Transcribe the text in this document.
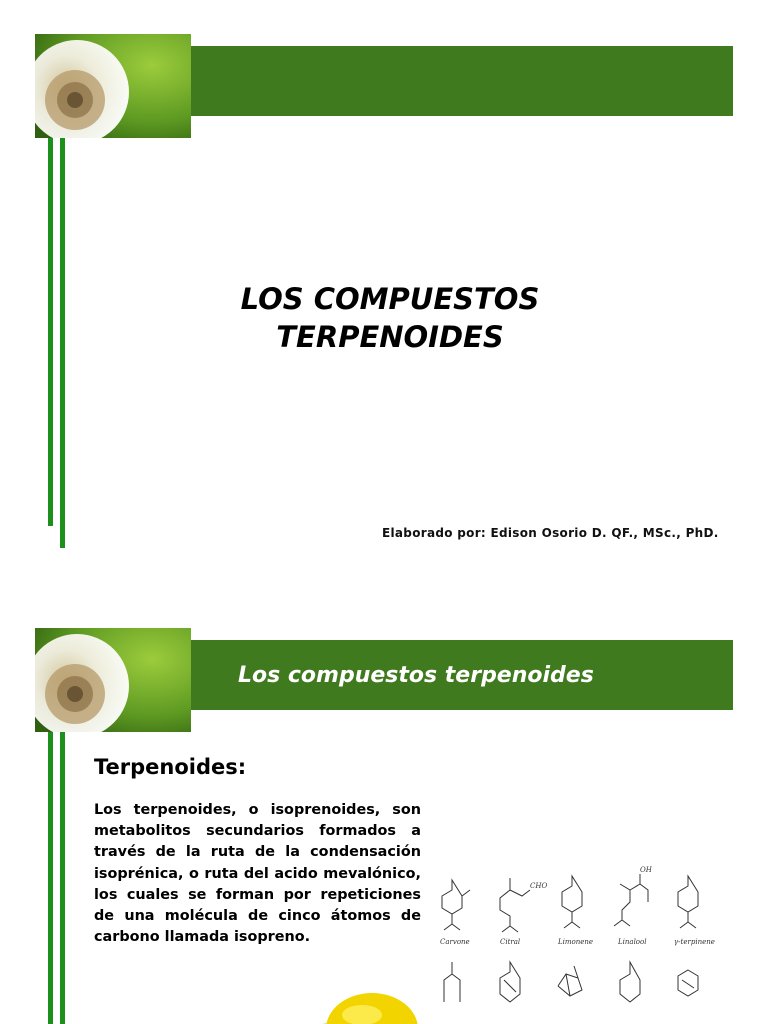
LOS COMPUESTOS
TERPENOIDES
Elaborado por: Edison Osorio D. QF., MSc., PhD.
Los compuestos terpenoides
Terpenoides:

Los terpenoides, o isoprenoides, son metabolitos secundarios formados a través de la ruta de la condensación isoprénica, o ruta del acido mevalónico, los cuales se forman por repeticiones de una molécula de cinco átomos de carbono llamada isopreno.	Carvone	Citral	Limonene	Linalool	γ-terpinene
CHO
OH
